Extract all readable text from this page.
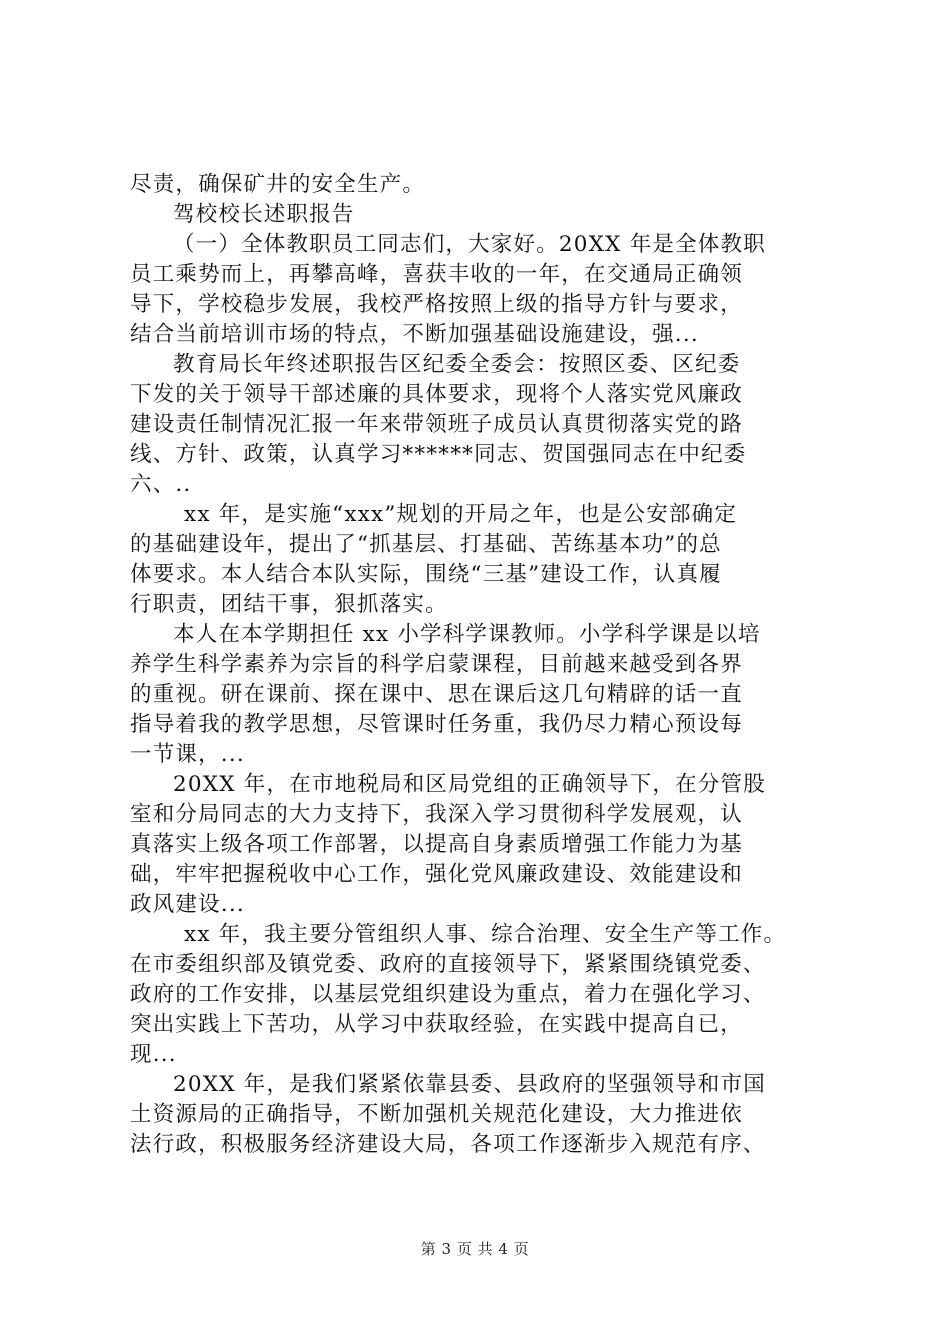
尽责，确保矿井的安全生产。
驾校校长述职报告
（一）全体教职员工同志们，大家好。20XX 年是全体教职
员工乘势而上，再攀高峰，喜获丰收的一年，在交通局正确领
导下，学校稳步发展，我校严格按照上级的指导方针与要求，
结合当前培训市场的特点，不断加强基础设施建设，强...
教育局长年终述职报告区纪委全委会：按照区委、区纪委
下发的关于领导干部述廉的具体要求，现将个人落实党风廉政
建设责任制情况汇报一年来带领班子成员认真贯彻落实党的路
线、方针、政策，认真学习******同志、贺国强同志在中纪委
六、..
xx 年，是实施“xxx”规划的开局之年，也是公安部确定
的基础建设年，提出了“抓基层、打基础、苦练基本功”的总
体要求。本人结合本队实际，围绕“三基”建设工作，认真履
行职责，团结干事，狠抓落实。
本人在本学期担任 xx 小学科学课教师。小学科学课是以培
养学生科学素养为宗旨的科学启蒙课程，目前越来越受到各界
的重视。研在课前、探在课中、思在课后这几句精辟的话一直
指导着我的教学思想，尽管课时任务重，我仍尽力精心预设每
一节课，...
20XX 年，在市地税局和区局党组的正确领导下，在分管股
室和分局同志的大力支持下，我深入学习贯彻科学发展观，认
真落实上级各项工作部署，以提高自身素质增强工作能力为基
础，牢牢把握税收中心工作，强化党风廉政建设、效能建设和
政风建设...
xx 年，我主要分管组织人事、综合治理、安全生产等工作。
在市委组织部及镇党委、政府的直接领导下，紧紧围绕镇党委、
政府的工作安排，以基层党组织建设为重点，着力在强化学习、
突出实践上下苦功，从学习中获取经验，在实践中提高自已，
现...
20XX 年，是我们紧紧依靠县委、县政府的坚强领导和市国
土资源局的正确指导，不断加强机关规范化建设，大力推进依
法行政，积极服务经济建设大局，各项工作逐渐步入规范有序、
第 3 页 共 4 页
